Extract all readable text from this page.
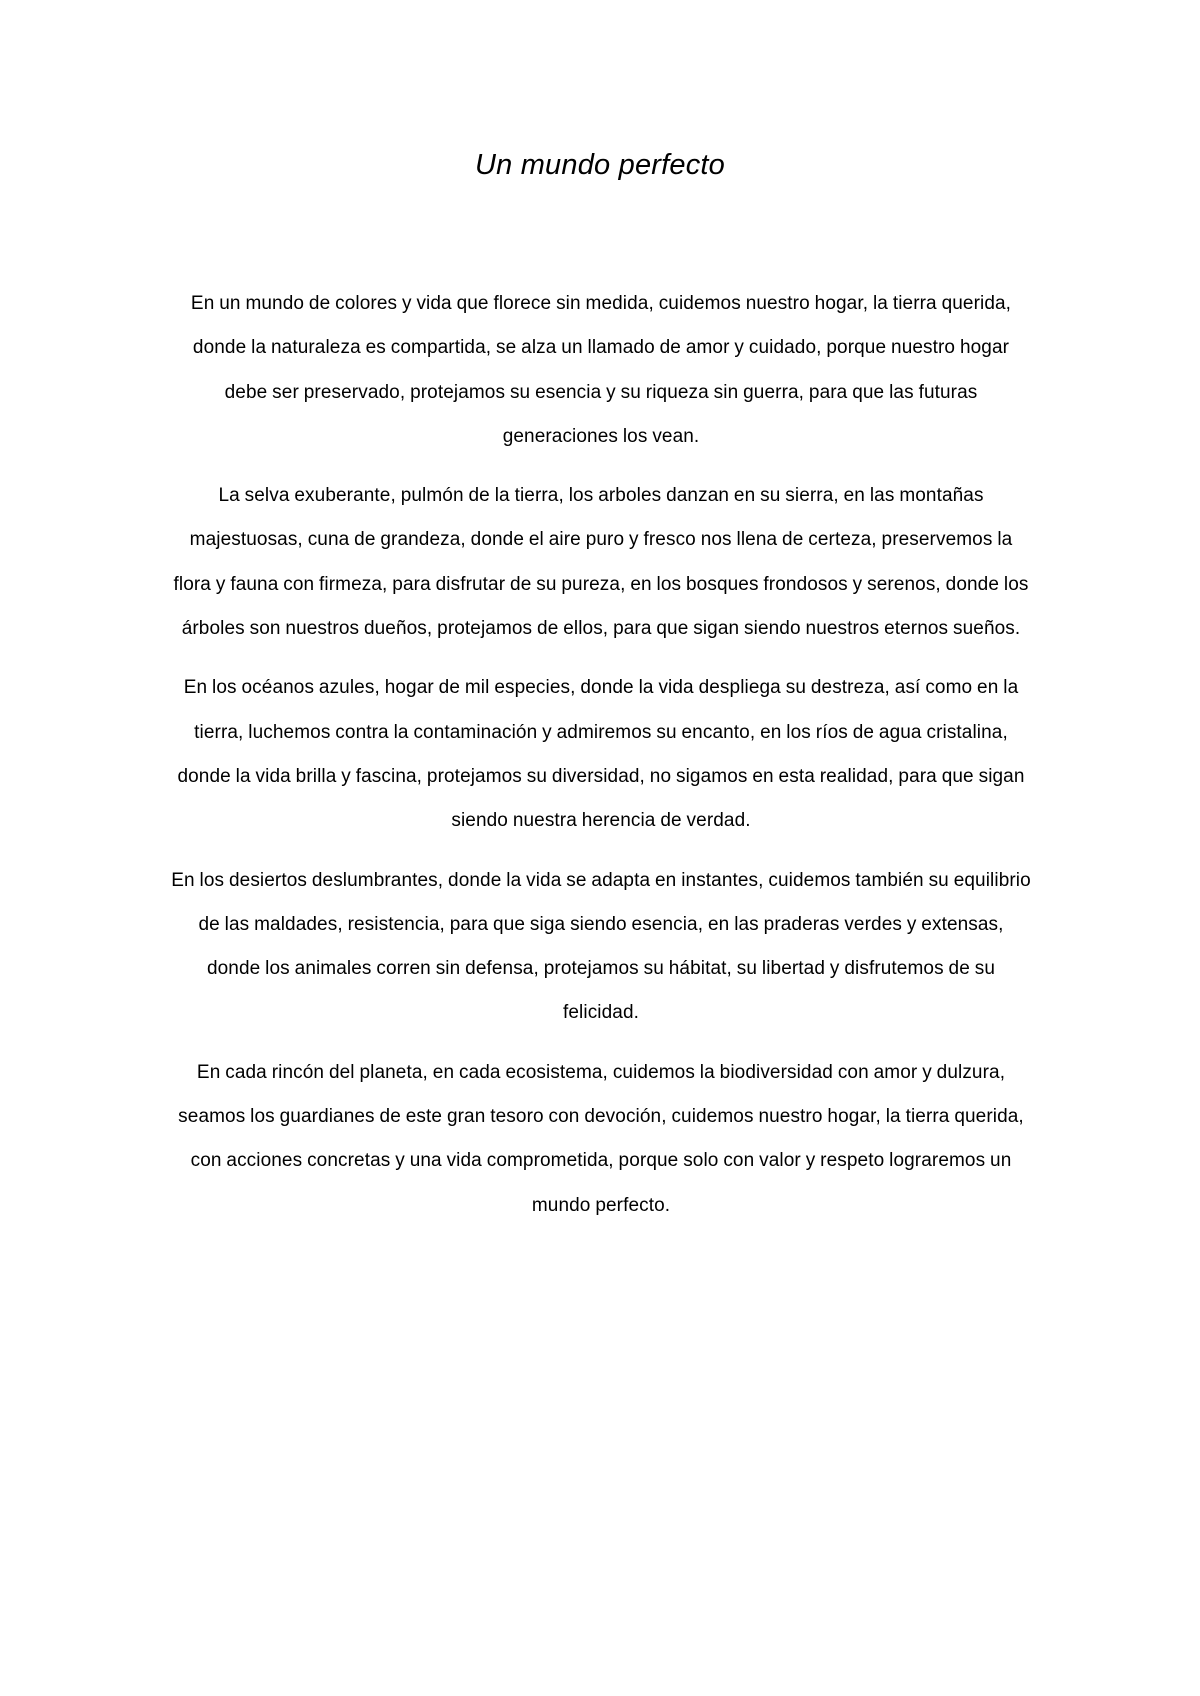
Un mundo perfecto

En un mundo de colores y vida que florece sin medida, cuidemos nuestro hogar, la tierra querida, donde la naturaleza es compartida, se alza un llamado de amor y cuidado, porque nuestro hogar debe ser preservado, protejamos su esencia y su riqueza sin guerra, para que las futuras generaciones los vean.

La selva exuberante, pulmón de la tierra, los arboles danzan en su sierra, en las montañas majestuosas, cuna de grandeza, donde el aire puro y fresco nos llena de certeza, preservemos la flora y fauna con firmeza, para disfrutar de su pureza, en los bosques frondosos y serenos, donde los árboles son nuestros dueños, protejamos de ellos, para que sigan siendo nuestros eternos sueños.

En los océanos azules, hogar de mil especies, donde la vida despliega su destreza, así como en la tierra, luchemos contra la contaminación y admiremos su encanto, en los ríos de agua cristalina, donde la vida brilla y fascina, protejamos su diversidad, no sigamos en esta realidad, para que sigan siendo nuestra herencia de verdad.

En los desiertos deslumbrantes, donde la vida se adapta en instantes, cuidemos también su equilibrio de las maldades, resistencia, para que siga siendo esencia, en las praderas verdes y extensas, donde los animales corren sin defensa, protejamos su hábitat, su libertad y disfrutemos de su felicidad.

En cada rincón del planeta, en cada ecosistema, cuidemos la biodiversidad con amor y dulzura, seamos los guardianes de este gran tesoro con devoción, cuidemos nuestro hogar, la tierra querida, con acciones concretas y una vida comprometida, porque solo con valor y respeto lograremos un mundo perfecto.
